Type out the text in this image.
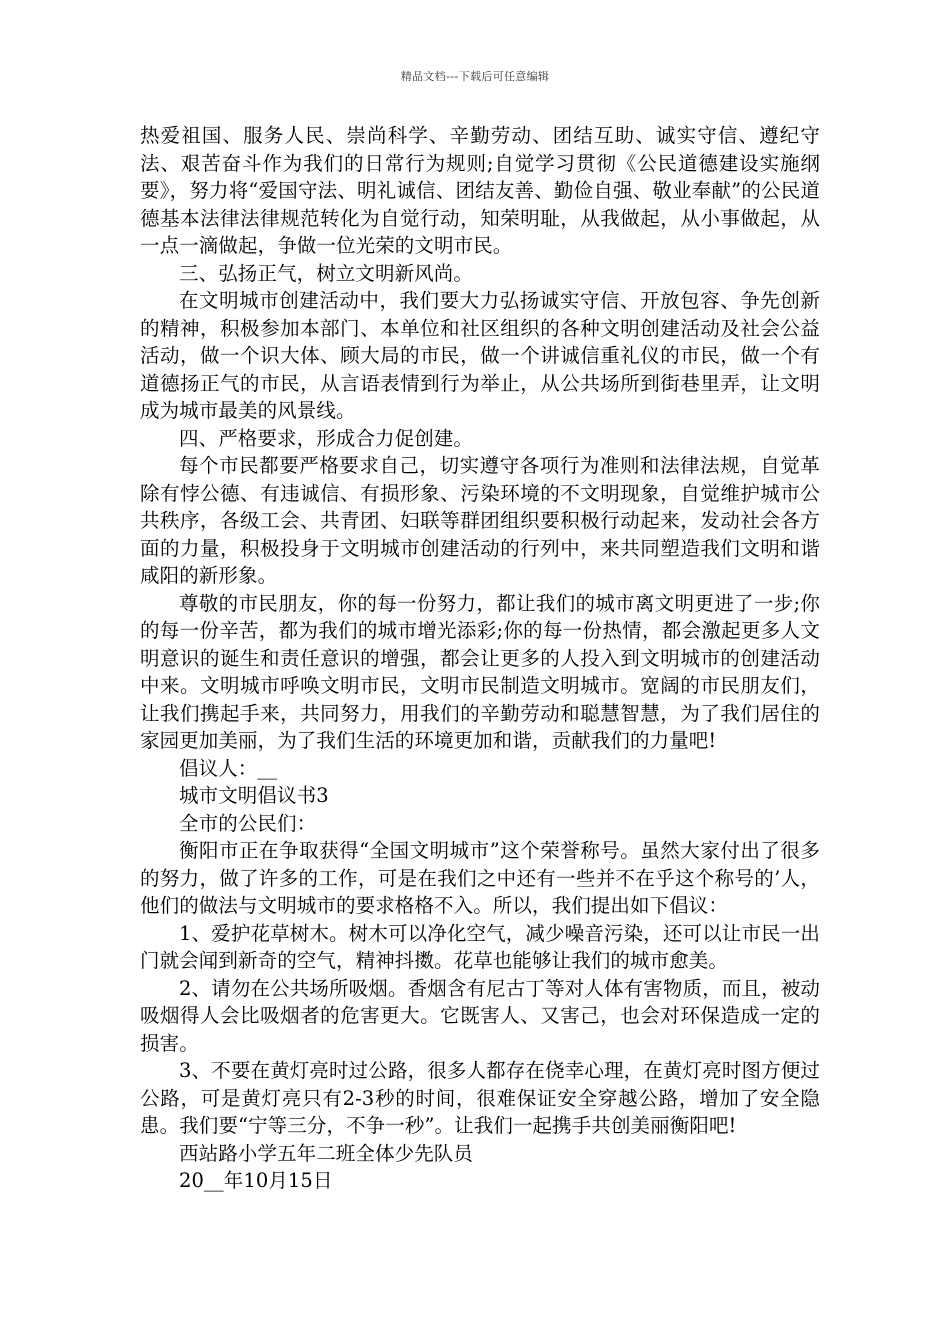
精品文档---下载后可任意编辑

热爱祖国、服务人民、崇尚科学、辛勤劳动、团结互助、诚实守信、遵纪守法、艰苦奋斗作为我们的日常行为规则;自觉学习贯彻《公民道德建设实施纲要》，努力将“爱国守法、明礼诚信、团结友善、勤俭自强、敬业奉献”的公民道德基本法律法律规范转化为自觉行动，知荣明耻，从我做起，从小事做起，从一点一滴做起，争做一位光荣的文明市民。

三、弘扬正气，树立文明新风尚。

在文明城市创建活动中，我们要大力弘扬诚实守信、开放包容、争先创新的精神，积极参加本部门、本单位和社区组织的各种文明创建活动及社会公益活动，做一个识大体、顾大局的市民，做一个讲诚信重礼仪的市民，做一个有道德扬正气的市民，从言语表情到行为举止，从公共场所到街巷里弄，让文明成为城市最美的风景线。

四、严格要求，形成合力促创建。

每个市民都要严格要求自己，切实遵守各项行为准则和法律法规，自觉革除有悖公德、有违诚信、有损形象、污染环境的不文明现象，自觉维护城市公共秩序，各级工会、共青团、妇联等群团组织要积极行动起来，发动社会各方面的力量，积极投身于文明城市创建活动的行列中，来共同塑造我们文明和谐咸阳的新形象。

尊敬的市民朋友，你的每一份努力，都让我们的城市离文明更进了一步;你的每一份辛苦，都为我们的城市增光添彩;你的每一份热情，都会激起更多人文明意识的诞生和责任意识的增强，都会让更多的人投入到文明城市的创建活动中来。文明城市呼唤文明市民，文明市民制造文明城市。宽阔的市民朋友们，让我们携起手来，共同努力，用我们的辛勤劳动和聪慧智慧，为了我们居住的家园更加美丽，为了我们生活的环境更加和谐，贡献我们的力量吧!

倡议人：__

城市文明倡议书3

全市的公民们：

衡阳市正在争取获得“全国文明城市”这个荣誉称号。虽然大家付出了很多的努力，做了许多的工作，可是在我们之中还有一些并不在乎这个称号的’人，他们的做法与文明城市的要求格格不入。所以，我们提出如下倡议：

1、爱护花草树木。树木可以净化空气，减少噪音污染，还可以让市民一出门就会闻到新奇的空气，精神抖擞。花草也能够让我们的城市愈美。

2、请勿在公共场所吸烟。香烟含有尼古丁等对人体有害物质，而且，被动吸烟得人会比吸烟者的危害更大。它既害人、又害己，也会对环保造成一定的损害。

3、不要在黄灯亮时过公路，很多人都存在侥幸心理，在黄灯亮时图方便过公路，可是黄灯亮只有2-3秒的时间，很难保证安全穿越公路，增加了安全隐患。我们要“宁等三分，不争一秒”。让我们一起携手共创美丽衡阳吧!

西站路小学五年二班全体少先队员

20__年10月15日
